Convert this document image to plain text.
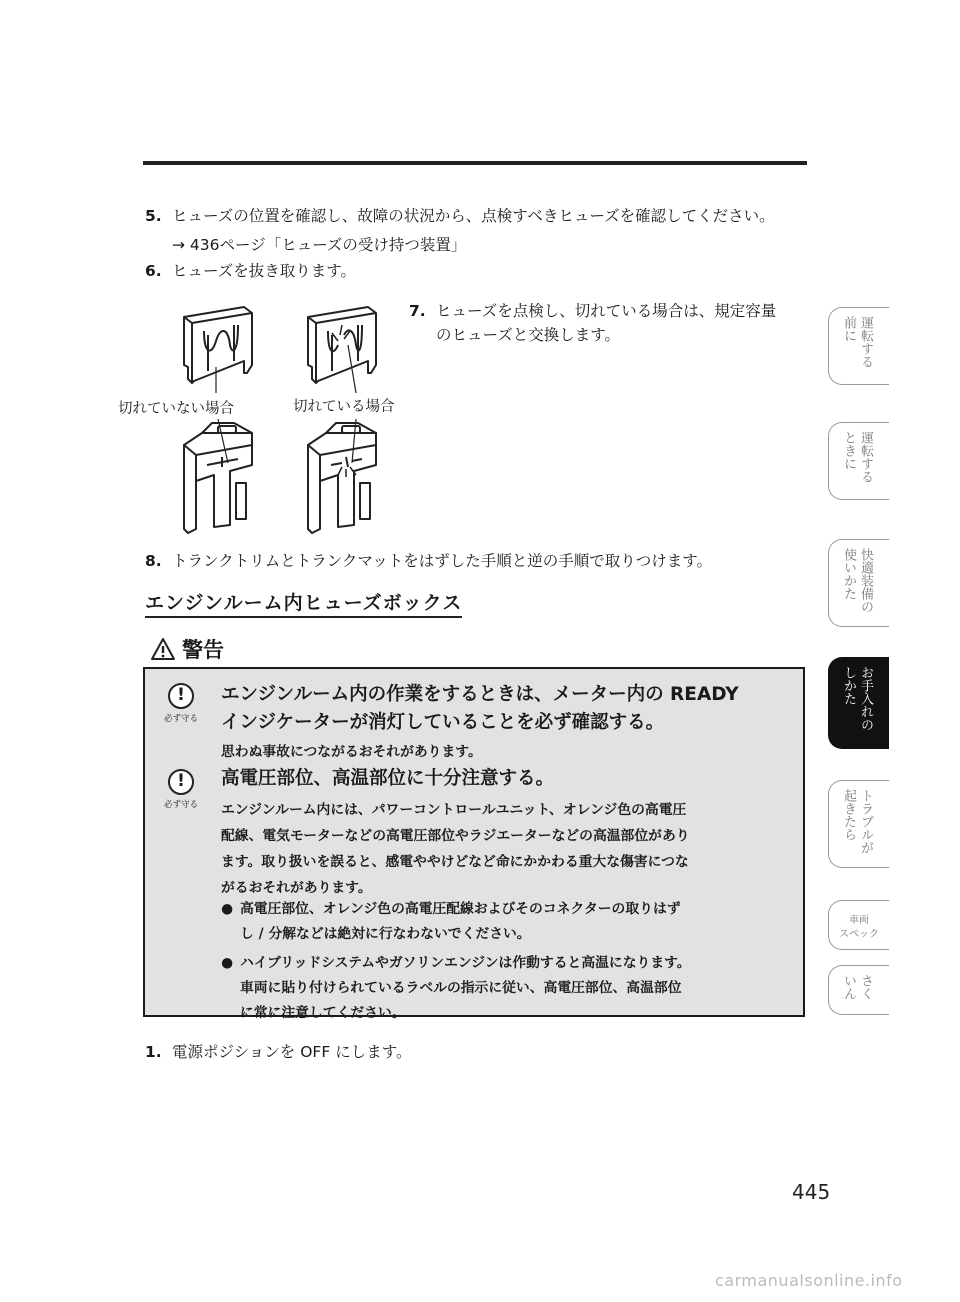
5. ヒューズの位置を確認し、故障の状況から、点検すべきヒューズを確認してください。
→ 436ページ「ヒューズの受け持つ装置」
6. ヒューズを抜き取ります。
7. ヒューズを点検し、切れている場合は、規定容量
のヒューズと交換します。
切れていない場合	切れている場合
8. トランクトリムとトランクマットをはずした手順と逆の手順で取りつけます。
エンジンルーム内ヒューズボックス
警告
!
必ず守る
エンジンルーム内の作業をするときは、メーター内の READY
インジケーターが消灯していることを必ず確認する。
思わぬ事故につながるおそれがあります。
!
必ず守る
高電圧部位、高温部位に十分注意する。
エンジンルーム内には、パワーコントロールユニット、オレンジ色の高電圧
配線、電気モーターなどの高電圧部位やラジエーターなどの高温部位があり
ます。取り扱いを誤ると、感電ややけどなど命にかかわる重大な傷害につな
がるおそれがあります。
● 高電圧部位、オレンジ色の高電圧配線およびそのコネクターの取りはず
し / 分解などは絶対に行なわないでください。
● ハイブリッドシステムやガソリンエンジンは作動すると高温になります。
車両に貼り付けられているラベルの指示に従い、高電圧部位、高温部位
に常に注意してください。
1. 電源ポジションを OFF にします。
運転する
前に
運転する
ときに
快適装備の
使いかた
お手入れの
しかた
トラブルが
起きたら
車両
スペック
さく
いん
445
carmanualsonline.info
